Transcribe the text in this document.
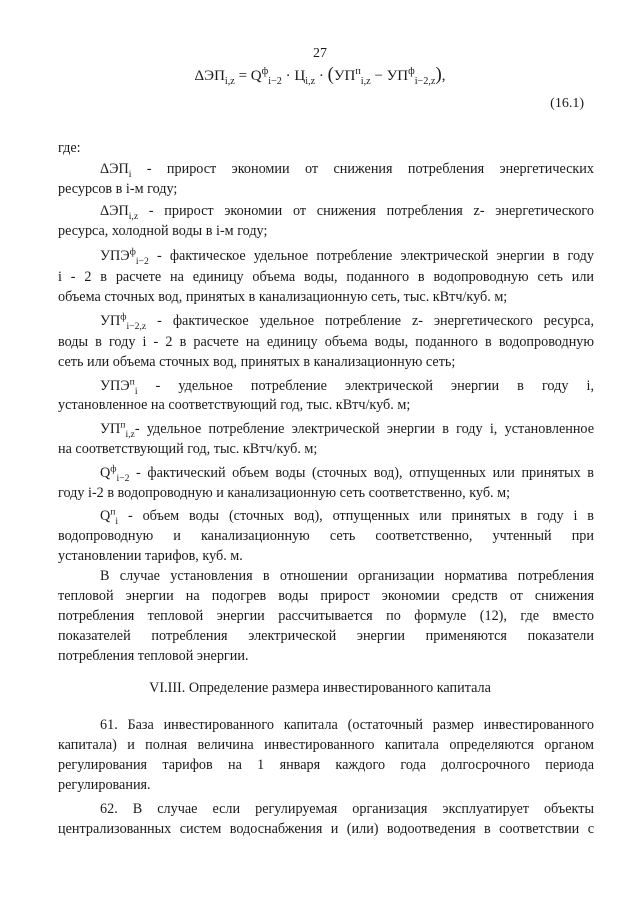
27
$\Delta ЭП_{i,z} = Q^ф_{i-2} \cdot Ц_{i,z} \cdot (УП^п_{i,z} - УП^ф_{i-2,z})$,
(16.1)
где:
$\Delta ЭП_i$ - прирост экономии от снижения потребления энергетических
ресурсов в i-м году;
$\Delta ЭП_{i,z}$ - прирост экономии от снижения потребления z- энергетического
ресурса, холодной воды в i-м году;
$УПЭ^ф_{i-2}$ - фактическое удельное потребление электрической энергии в году
i - 2 в расчете на единицу объема воды, поданного в водопроводную сеть или
объема сточных вод, принятых в канализационную сеть, тыс. кВтч/куб. м;
$УП^ф_{i-2,z}$ - фактическое удельное потребление z- энергетического ресурса,
воды в году i - 2 в расчете на единицу объема воды, поданного в водопроводную
сеть или объема сточных вод, принятых в канализационную сеть;
$УПЭ^п_i$ - удельное потребление электрической энергии в году i,
установленное на соответствующий год, тыс. кВтч/куб. м;
$УП^п_{i,z}-$ удельное потребление электрической энергии в году i, установленное
на соответствующий год, тыс. кВтч/куб. м;
$Q^ф_{i-2}$ - фактический объем воды (сточных вод), отпущенных или принятых в
году i-2 в водопроводную и канализационную сеть соответственно, куб. м;
$Q^п_i$ - объем воды (сточных вод), отпущенных или принятых в году i в
водопроводную и канализационную сеть соответственно, учтенный при
установлении тарифов, куб. м.
В случае установления в отношении организации норматива потребления
тепловой энергии на подогрев воды прирост экономии средств от снижения
потребления тепловой энергии рассчитывается по формуле (12), где вместо
показателей потребления электрической энергии применяются показатели
потребления тепловой энергии.
VI.III. Определение размера инвестированного капитала
61. База инвестированного капитала (остаточный размер инвестированного
капитала) и полная величина инвестированного капитала определяются органом
регулирования тарифов на 1 января каждого года долгосрочного периода
регулирования.
62. В случае если регулируемая организация эксплуатирует объекты
централизованных систем водоснабжения и (или) водоотведения в соответствии с
